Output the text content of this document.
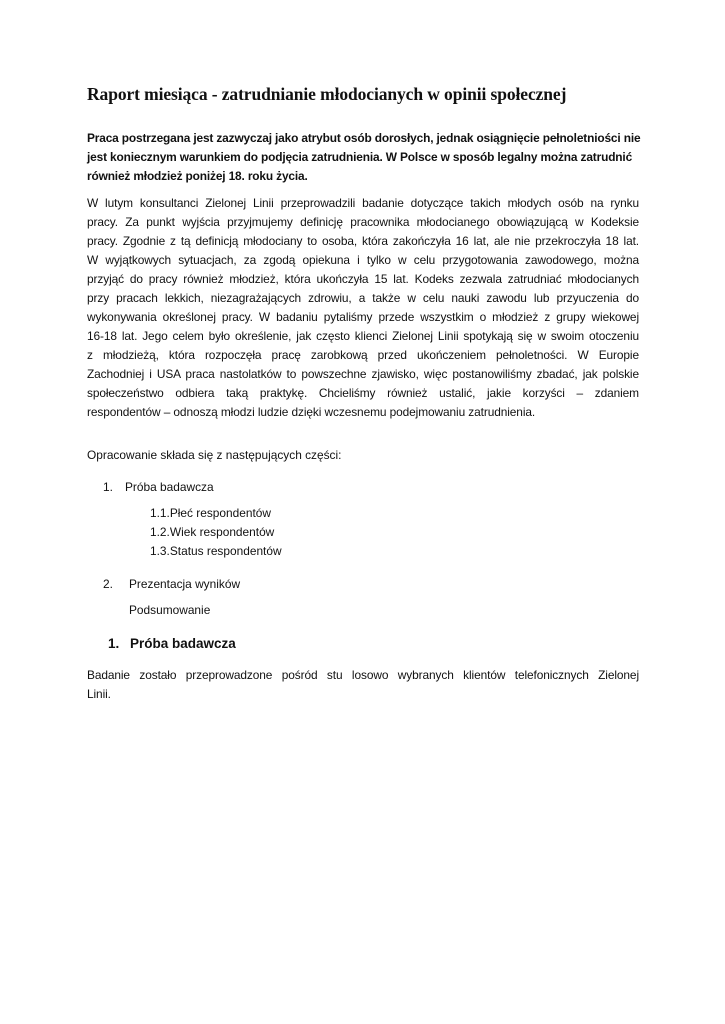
Raport miesiąca - zatrudnianie młodocianych w opinii społecznej
Praca postrzegana jest zazwyczaj jako atrybut osób dorosłych, jednak osiągnięcie pełnoletniości nie
jest koniecznym warunkiem do podjęcia zatrudnienia. W Polsce w sposób legalny można zatrudnić
również młodzież poniżej 18. roku życia.
W lutym konsultanci Zielonej Linii przeprowadzili badanie dotyczące takich młodych osób na rynku
pracy. Za punkt wyjścia przyjmujemy definicję pracownika młodocianego obowiązującą w Kodeksie
pracy. Zgodnie z tą definicją młodociany to osoba, która zakończyła 16 lat, ale nie przekroczyła 18 lat.
W wyjątkowych sytuacjach, za zgodą opiekuna i tylko w celu przygotowania zawodowego, można
przyjąć do pracy również młodzież, która ukończyła 15 lat. Kodeks zezwala zatrudniać młodocianych
przy pracach lekkich, niezagrażających zdrowiu, a także w celu nauki zawodu lub przyuczenia do
wykonywania określonej pracy. W badaniu pytaliśmy przede wszystkim o młodzież z grupy wiekowej
16-18 lat. Jego celem było określenie, jak często klienci Zielonej Linii spotykają się w swoim otoczeniu
z młodzieżą, która rozpoczęła pracę zarobkową przed ukończeniem pełnoletności. W Europie
Zachodniej i USA praca nastolatków to powszechne zjawisko, więc postanowiliśmy zbadać, jak polskie
społeczeństwo odbiera taką praktykę. Chcieliśmy również ustalić, jakie korzyści – zdaniem
respondentów – odnoszą młodzi ludzie dzięki wczesnemu podejmowaniu zatrudnienia.

Opracowanie składa się z następujących części:

1. Próba badawcza
1.1.Płeć respondentów
1.2.Wiek respondentów
1.3.Status respondentów
2. Prezentacja wyników
Podsumowanie
1. Próba badawcza
Badanie zostało przeprowadzone pośród stu losowo wybranych klientów telefonicznych Zielonej
Linii.
